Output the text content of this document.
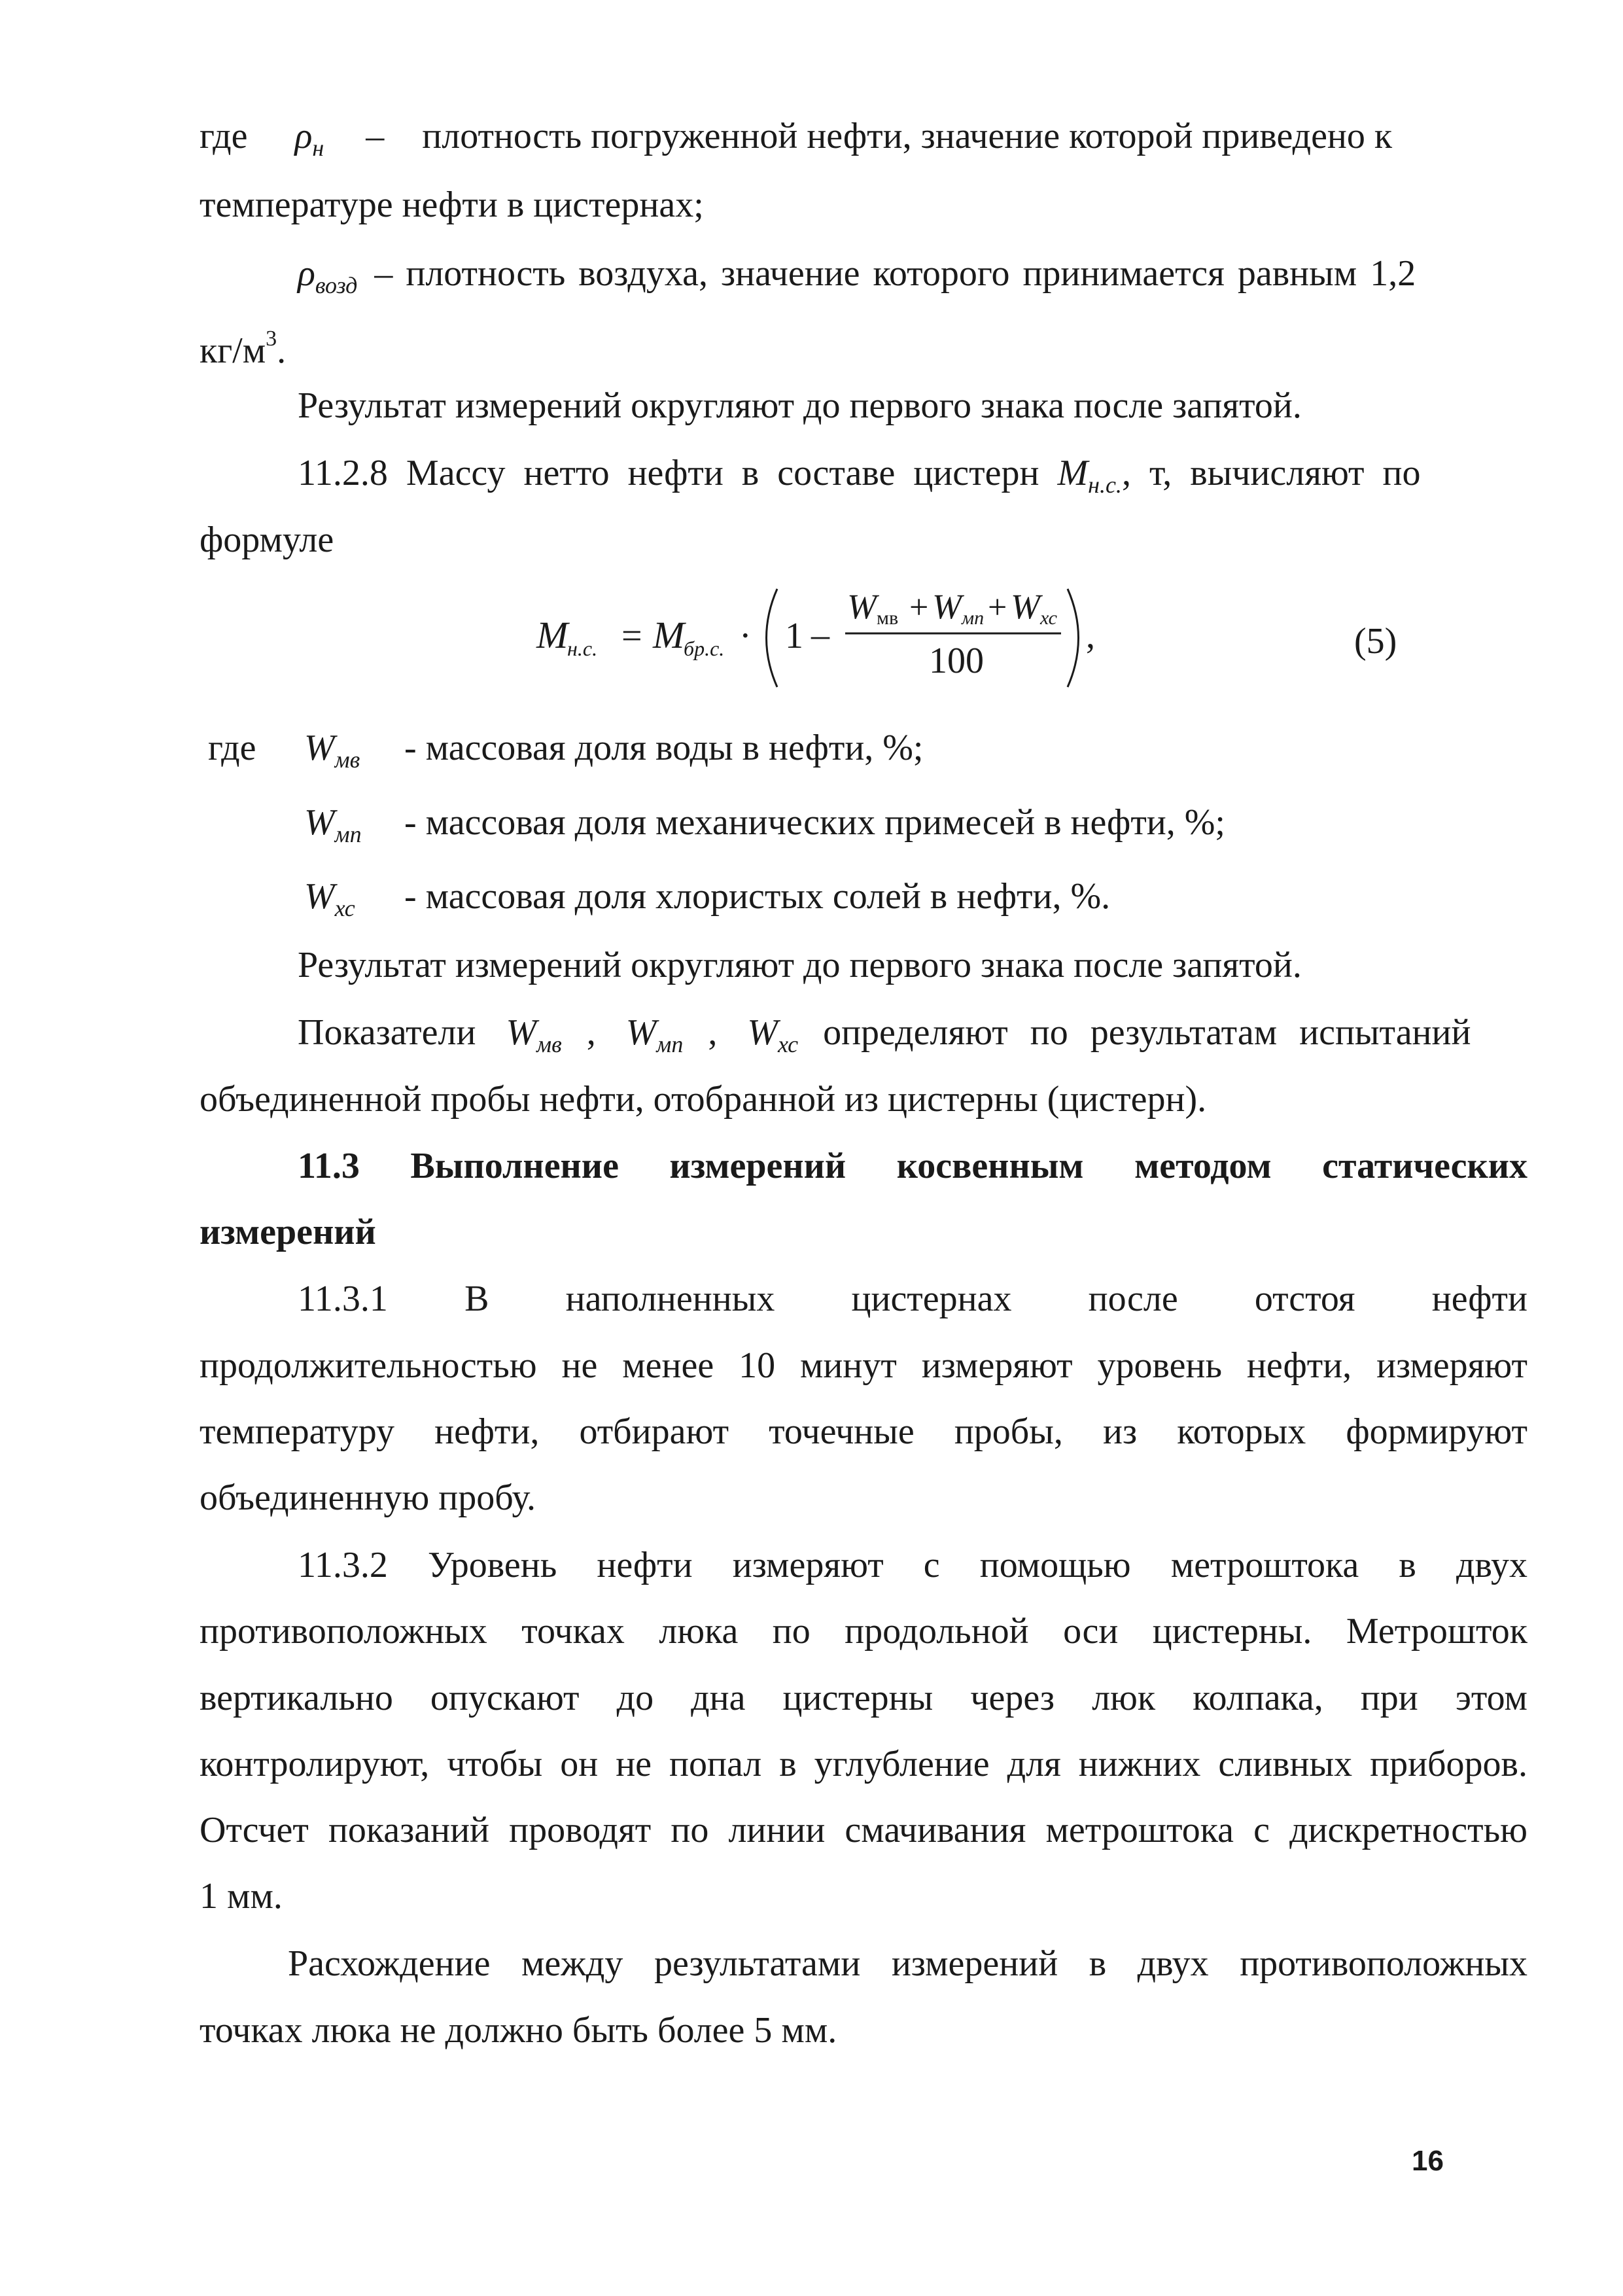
где $\rho_н$ – плотность погруженной нефти, значение которой приведено к
температуре нефти в цистернах;
$\rho_{возд}$ – плотность воздуха, значение которого принимается равным 1,2
$кг/м^3$.
Результат измерений округляют до первого знака после запятой.
11.2.8 Массу нетто нефти в составе цистерн $M_{н.с.}$, т, вычисляют по
формуле
M
н.с. = M
бр.с. · 1 –
W мв + W мп + W хс
100
,	(5)
где $W_{мв}$ - массовая доля воды в нефти, %;
$W_{мп}$ - массовая доля механических примесей в нефти, %;
$W_{хс}$ - массовая доля хлористых солей в нефти, %.
Результат измерений округляют до первого знака после запятой.
Показатели $W_{мв}$ , $W_{мп}$ , $W_{хс}$ определяют по результатам испытаний
объединенной пробы нефти, отобранной из цистерны (цистерн).
11.3 Выполнение измерений косвенным методом статических
измерений
11.3.1 В наполненных цистернах после отстоя нефти
продолжительностью не менее 10 минут измеряют уровень нефти, измеряют
температуру нефти, отбирают точечные пробы, из которых формируют
объединенную пробу.
11.3.2 Уровень нефти измеряют с помощью метроштока в двух
противоположных точках люка по продольной оси цистерны. Метрошток
вертикально опускают до дна цистерны через люк колпака, при этом
контролируют, чтобы он не попал в углубление для нижних сливных приборов.
Отсчет показаний проводят по линии смачивания метроштока с дискретностью
1 мм.
Расхождение между результатами измерений в двух противоположных
точках люка не должно быть более 5 мм.
16
